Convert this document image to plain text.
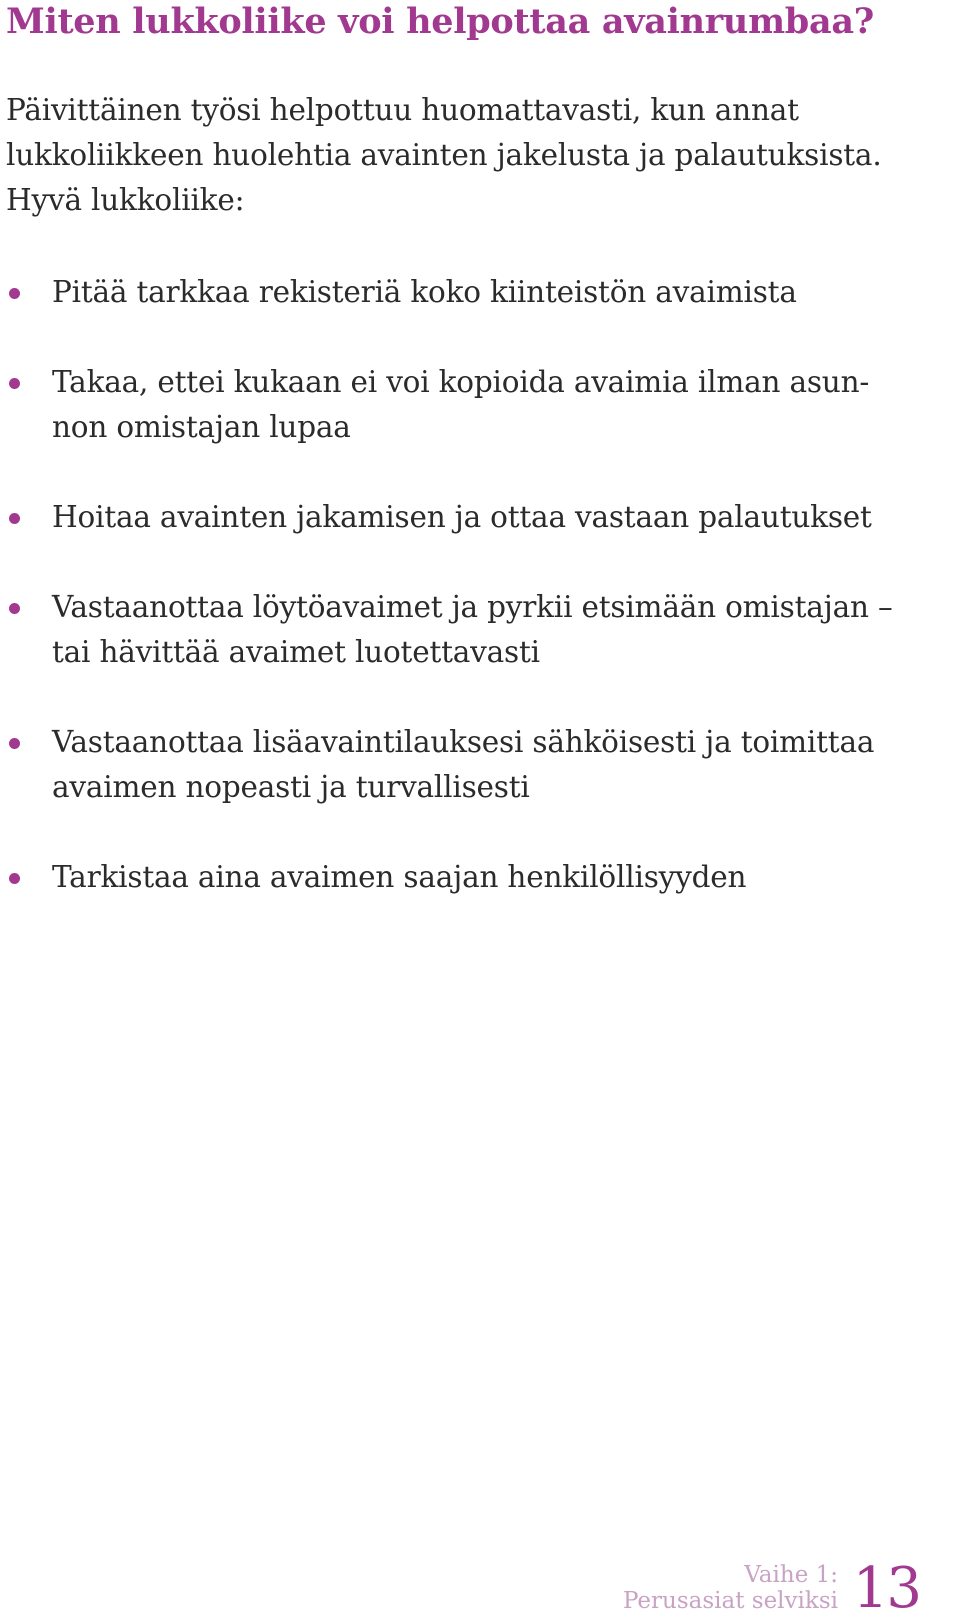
Miten lukkoliike voi helpottaa avainrumbaa?

Päivittäinen työsi helpottuu huomattavasti, kun annat lukkoliikkeen huolehtia avainten jakelusta ja palautuksista. Hyvä lukkoliike:

Pitää tarkkaa rekisteriä koko kiinteistön avaimista
Takaa, ettei kukaan ei voi kopioida avaimia ilman asun-non omistajan lupaa
Hoitaa avainten jakamisen ja ottaa vastaan palautukset
Vastaanottaa löytöavaimet ja pyrkii etsimään omistajan – tai hävittää avaimet luotettavasti
Vastaanottaa lisäavaintilauksesi sähköisesti ja toimittaa avaimen nopeasti ja turvallisesti
Tarkistaa aina avaimen saajan henkilöllisyyden
Vaihe 1:
Perusasiat selviksi 13
